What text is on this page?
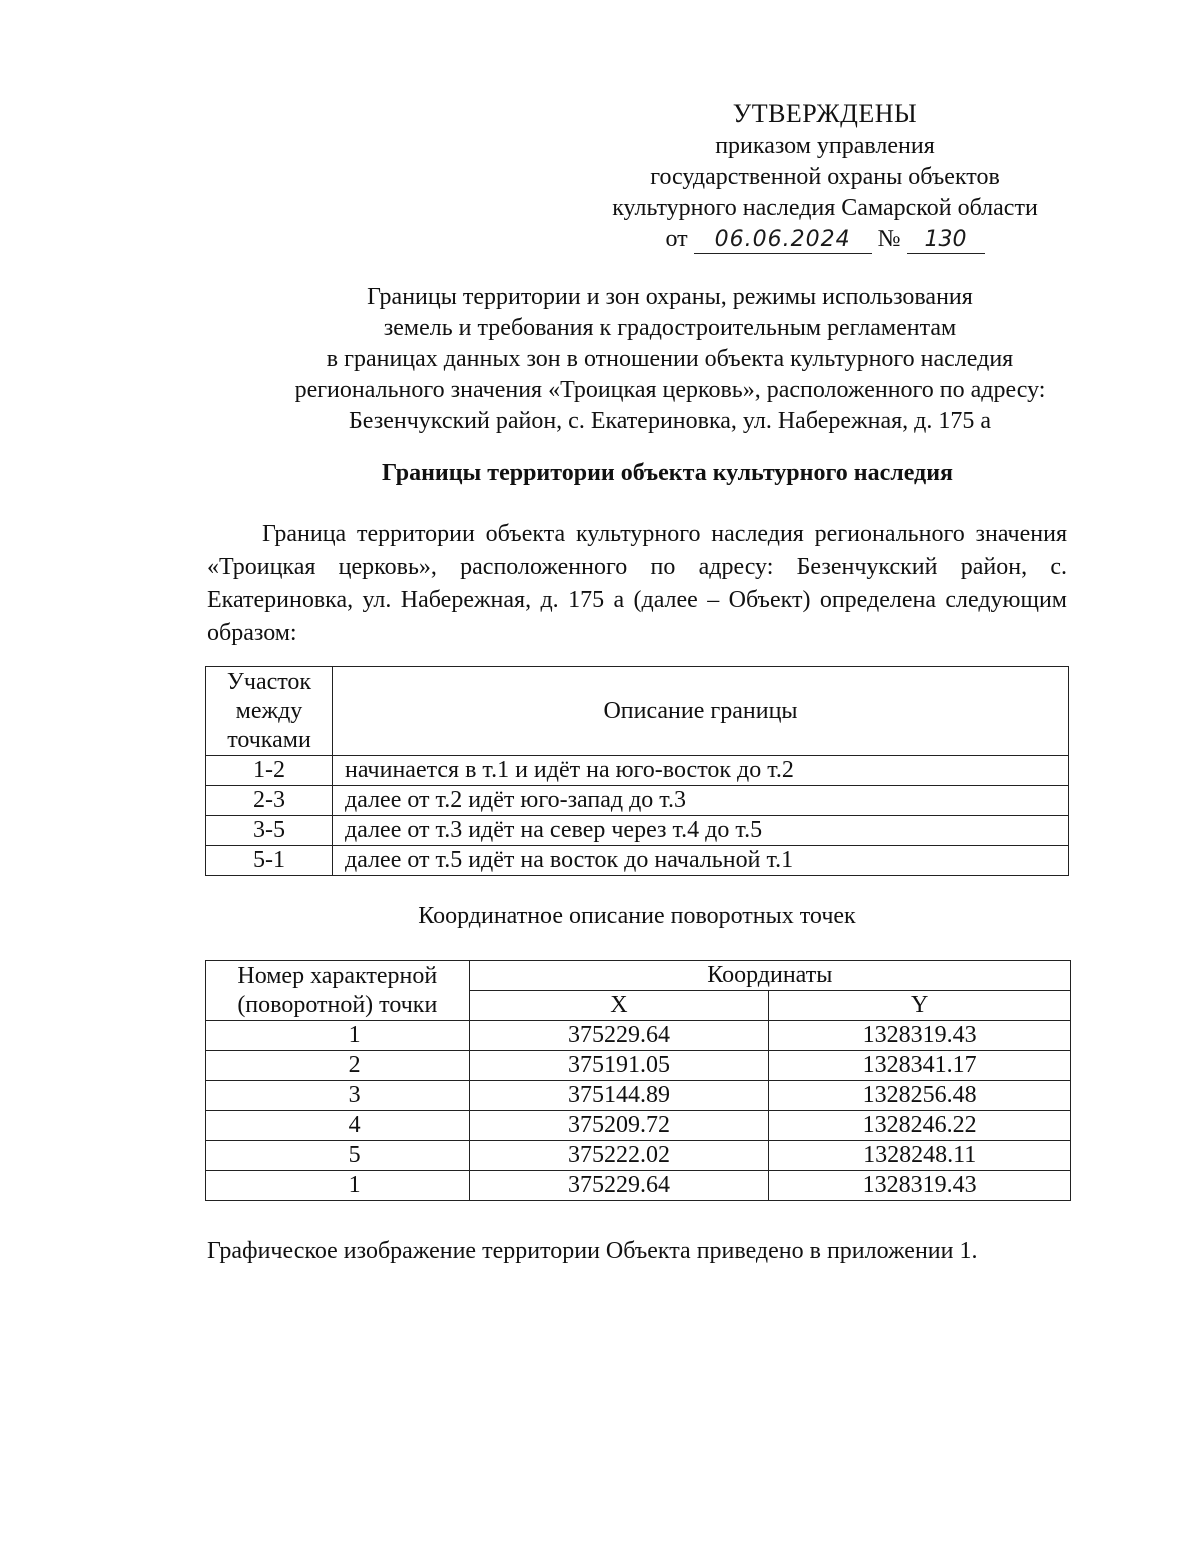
УТВЕРЖДЕНЫ
приказом управления
государственной охраны объектов
культурного наследия Самарской области
от 06.06.2024 № 130
Границы территории и зон охраны, режимы использования
земель и требования к градостроительным регламентам
в границах данных зон в отношении объекта культурного наследия
регионального значения «Троицкая церковь», расположенного по адресу:
Безенчукский район, с. Екатериновка, ул. Набережная, д. 175 а
Границы территории объекта культурного наследия
Граница территории объекта культурного наследия регионального значения «Троицкая церковь», расположенного по адресу: Безенчукский район, с. Екатериновка, ул. Набережная, д. 175 а (далее – Объект) определена следующим образом:
Участок
между
точками	Описание границы
1-2	начинается в т.1 и идёт на юго-восток до т.2
2-3	далее от т.2 идёт юго-запад до т.3
3-5	далее от т.3 идёт на север через т.4 до т.5
5-1	далее от т.5 идёт на восток до начальной т.1
Координатное описание поворотных точек
Номер характерной
(поворотной) точки	Координаты	
	X	Y
1	375229.64	1328319.43
2	375191.05	1328341.17
3	375144.89	1328256.48
4	375209.72	1328246.22
5	375222.02	1328248.11
1	375229.64	1328319.43
Графическое изображение территории Объекта приведено в приложении 1.
